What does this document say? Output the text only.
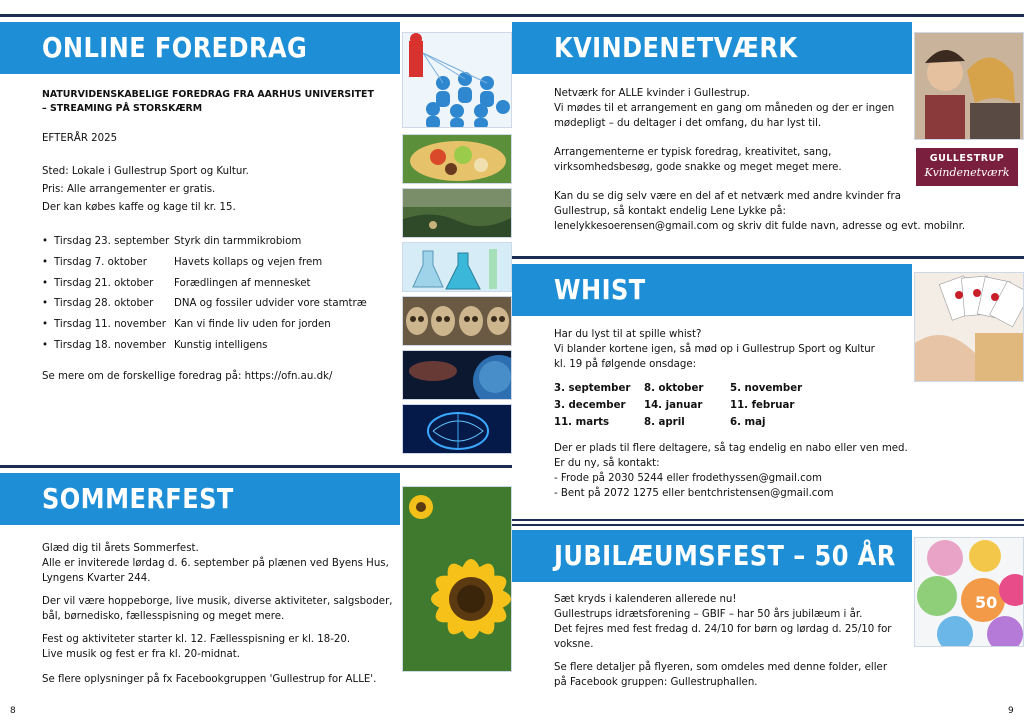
ONLINE FOREDRAG
NATURVIDENSKABELIGE FOREDRAG FRA AARHUS UNIVERSITET
– STREAMING PÅ STORSKÆRM
EFTERÅR 2025
Sted: Lokale i Gullestrup Sport og Kultur.
Pris: Alle arrangementer er gratis.
Der kan købes kaffe og kage til kr. 15.
• Tirsdag 23. september Styrk din tarmmikrobiom
• Tirsdag 7. oktober	Havets kollaps og vejen frem
• Tirsdag 21. oktober Forædlingen af mennesket
• Tirsdag 28. oktober DNA og fossiler udvider vore stamtræ
• Tirsdag 11. november Kan vi finde liv uden for jorden
• Tirsdag 18. november Kunstig intelligens
Se mere om de forskellige foredrag på: https://ofn.au.dk/
SOMMERFEST
Glæd dig til årets Sommerfest.
Alle er inviterede lørdag d. 6. september på plænen ved Byens Hus,
Lyngens Kvarter 244.
Der vil være hoppeborge, live musik, diverse aktiviteter, salgsboder,
bål, børnedisko, fællesspisning og meget mere.
Fest og aktiviteter starter kl. 12. Fællesspisning er kl. 18-20.
Live musik og fest er fra kl. 20-midnat.
Se flere oplysninger på fx Facebookgruppen 'Gullestrup for ALLE'.
8
KVINDENETVÆRK
GULLESTRUP
Kvindenetværk
Netværk for ALLE kvinder i Gullestrup.
Vi mødes til et arrangement en gang om måneden og der er ingen
mødepligt – du deltager i det omfang, du har lyst til.
Arrangementerne er typisk foredrag, kreativitet, sang,
virksomhedsbesøg, gode snakke og meget meget mere.
Kan du se dig selv være en del af et netværk med andre kvinder fra
Gullestrup, så kontakt endelig Lene Lykke på:
lenelykkesoerensen@gmail.com og skriv dit fulde navn, adresse og evt. mobilnr.
WHIST
Har du lyst til at spille whist?
Vi blander kortene igen, så mød op i Gullestrup Sport og Kultur
kl. 19 på følgende onsdage:
3. september 8. oktober	5. november
3. december 14. januar	11. februar
11. marts	8. april	6. maj
Der er plads til flere deltagere, så tag endelig en nabo eller ven med.
Er du ny, så kontakt:
- Frode på 2030 5244 eller frodethyssen@gmail.com
- Bent på 2072 1275 eller bentchristensen@gmail.com
JUBILÆUMSFEST – 50 ÅR
50
Sæt kryds i kalenderen allerede nu!
Gullestrups idrætsforening – GBIF – har 50 års jubilæum i år.
Det fejres med fest fredag d. 24/10 for børn og lørdag d. 25/10 for
voksne.
Se flere detaljer på flyeren, som omdeles med denne folder, eller
på Facebook gruppen: Gullestruphallen.
9
